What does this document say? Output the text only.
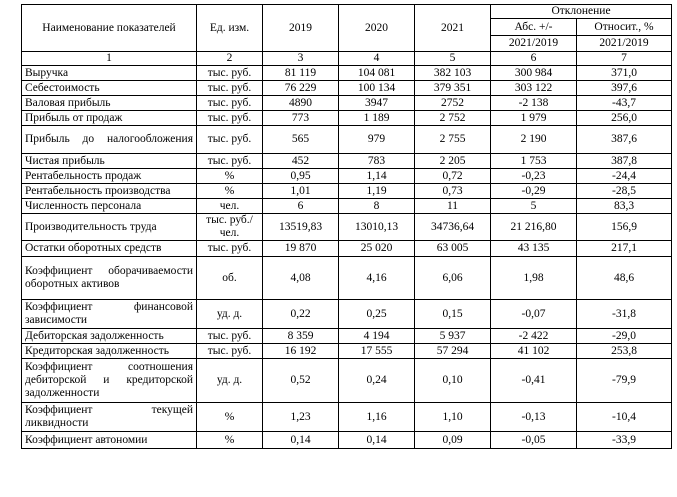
Наименование показателей	Ед. изм.	2019	2020	2021	Отклонение	
					Абс. +/-	Относит., %
					2021/2019	2021/2019
1	2	3	4	5	6	7
Выручка	тыс. руб.	81 119	104 081	382 103	300 984	371,0
Себестоимость	тыс. руб.	76 229	100 134	379 351	303 122	397,6
Валовая прибыль	тыс. руб.	4890	3947	2752	-2 138	-43,7
Прибыль от продаж	тыс. руб.	773	1 189	2 752	1 979	256,0
Прибыль до налогообложения	тыс. руб.	565	979	2 755	2 190	387,6
Чистая прибыль	тыс. руб.	452	783	2 205	1 753	387,8
Рентабельность продаж	%	0,95	1,14	0,72	-0,23	-24,4
Рентабельность производства	%	1,01	1,19	0,73	-0,29	-28,5
Численность персонала	чел.	6	8	11	5	83,3
Производительность труда	тыс. руб./чел.	13519,83	13010,13	34736,64	21 216,80	156,9
Остатки оборотных средств	тыс. руб.	19 870	25 020	63 005	43 135	217,1
Коэффициент оборачиваемости оборотных активов	об.	4,08	4,16	6,06	1,98	48,6
Коэффициент финансовой зависимости	уд. д.	0,22	0,25	0,15	-0,07	-31,8
Дебиторская задолженность	тыс. руб.	8 359	4 194	5 937	-2 422	-29,0
Кредиторская задолженность	тыс. руб.	16 192	17 555	57 294	41 102	253,8
Коэффициент соотношения дебиторской и кредиторской задолженности	уд. д.	0,52	0,24	0,10	-0,41	-79,9
Коэффициент текущей ликвидности	%	1,23	1,16	1,10	-0,13	-10,4
Коэффициент автономии	%	0,14	0,14	0,09	-0,05	-33,9
